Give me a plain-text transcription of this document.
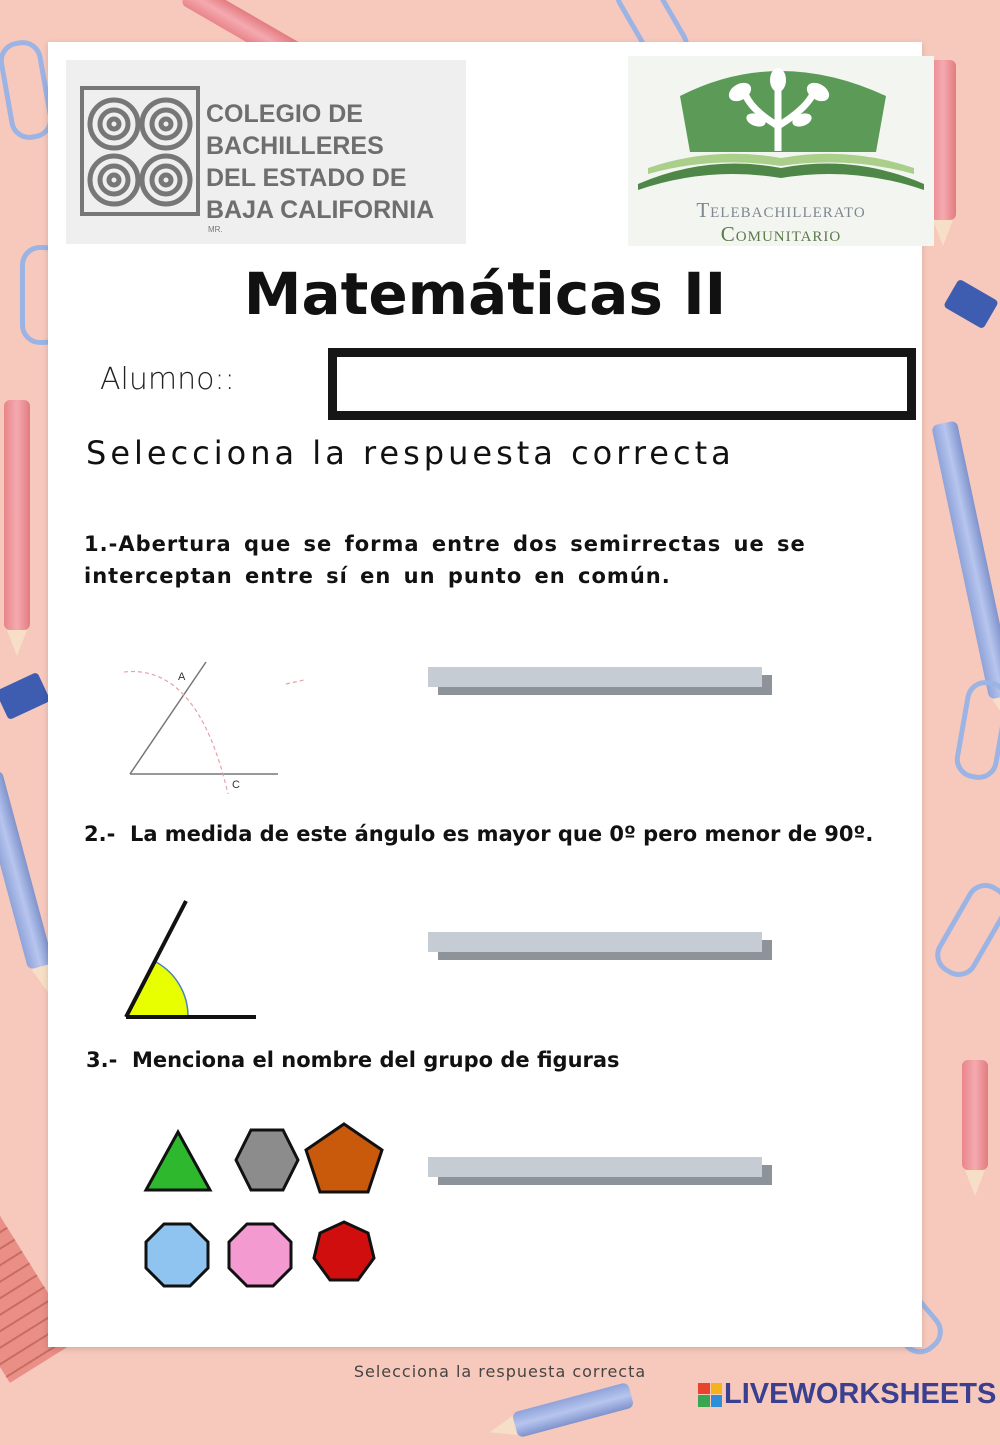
COLEGIO DE
BACHILLERES
DEL ESTADO DE
BAJA CALIFORNIA
MR.
Telebachillerato
Comunitario
Matemáticas II
Alumno::
Selecciona la respuesta correcta
1.-Abertura que se forma entre dos semirrectas ue se interceptan entre sí en un punto en común.
A
C
2.- La medida de este ángulo es mayor que 0º pero menor de 90º.
3.- Menciona el nombre del grupo de figuras
Selecciona la respuesta correcta
LIVEWORKSHEETS
